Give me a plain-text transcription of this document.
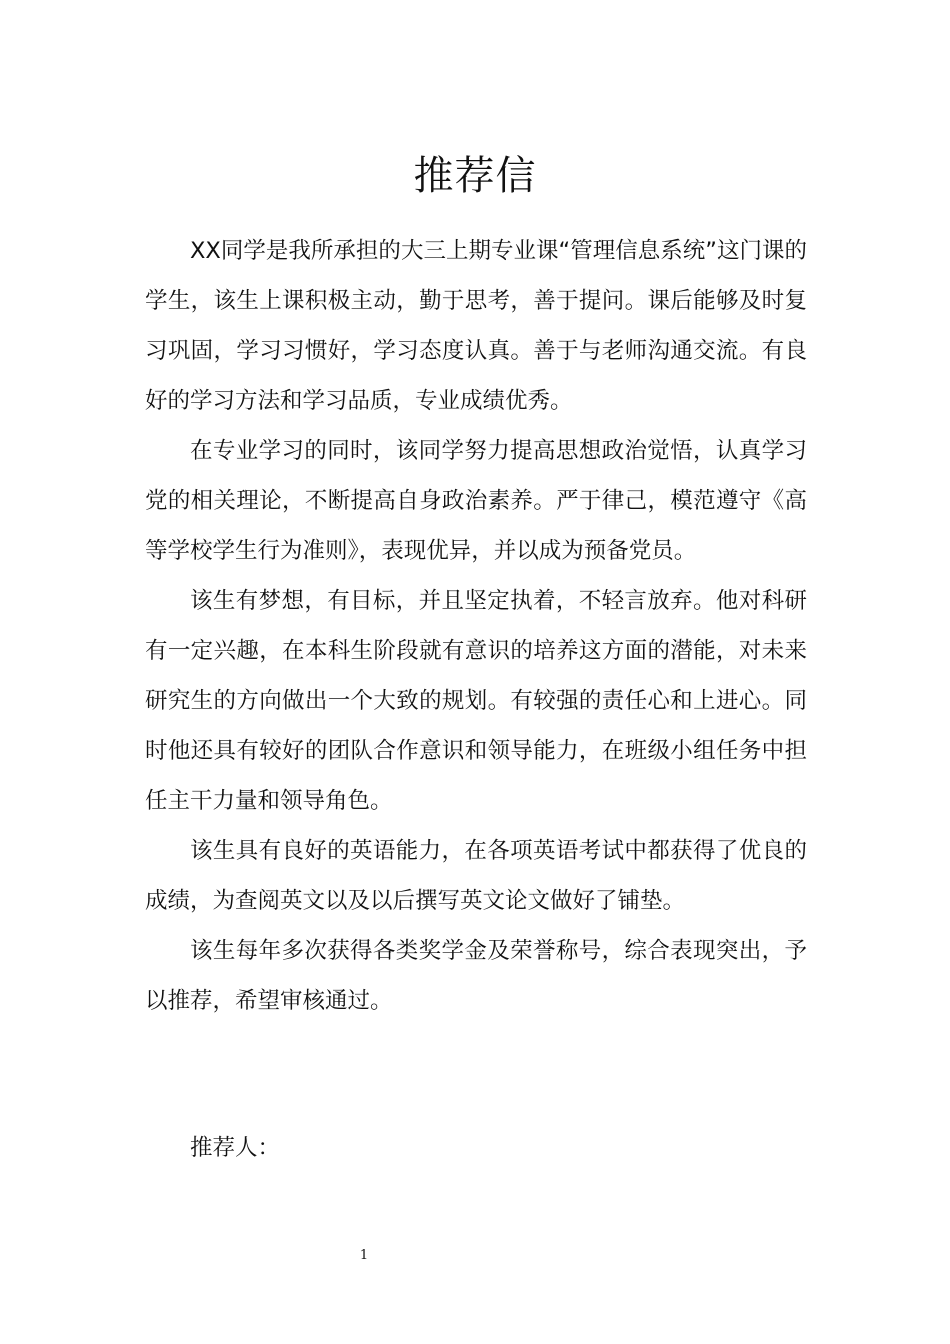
推荐信

XX同学是我所承担的大三上期专业课“管理信息系统”这门课的学生，该生上课积极主动，勤于思考，善于提问。课后能够及时复习巩固，学习习惯好，学习态度认真。善于与老师沟通交流。有良好的学习方法和学习品质，专业成绩优秀。

在专业学习的同时，该同学努力提高思想政治觉悟，认真学习党的相关理论，不断提高自身政治素养。严于律己，模范遵守《高等学校学生行为准则》，表现优异，并以成为预备党员。

该生有梦想，有目标，并且坚定执着，不轻言放弃。他对科研有一定兴趣，在本科生阶段就有意识的培养这方面的潜能，对未来研究生的方向做出一个大致的规划。有较强的责任心和上进心。同时他还具有较好的团队合作意识和领导能力，在班级小组任务中担任主干力量和领导角色。

该生具有良好的英语能力，在各项英语考试中都获得了优良的成绩，为查阅英文以及以后撰写英文论文做好了铺垫。

该生每年多次获得各类奖学金及荣誉称号，综合表现突出，予以推荐，希望审核通过。

推荐人：
1
